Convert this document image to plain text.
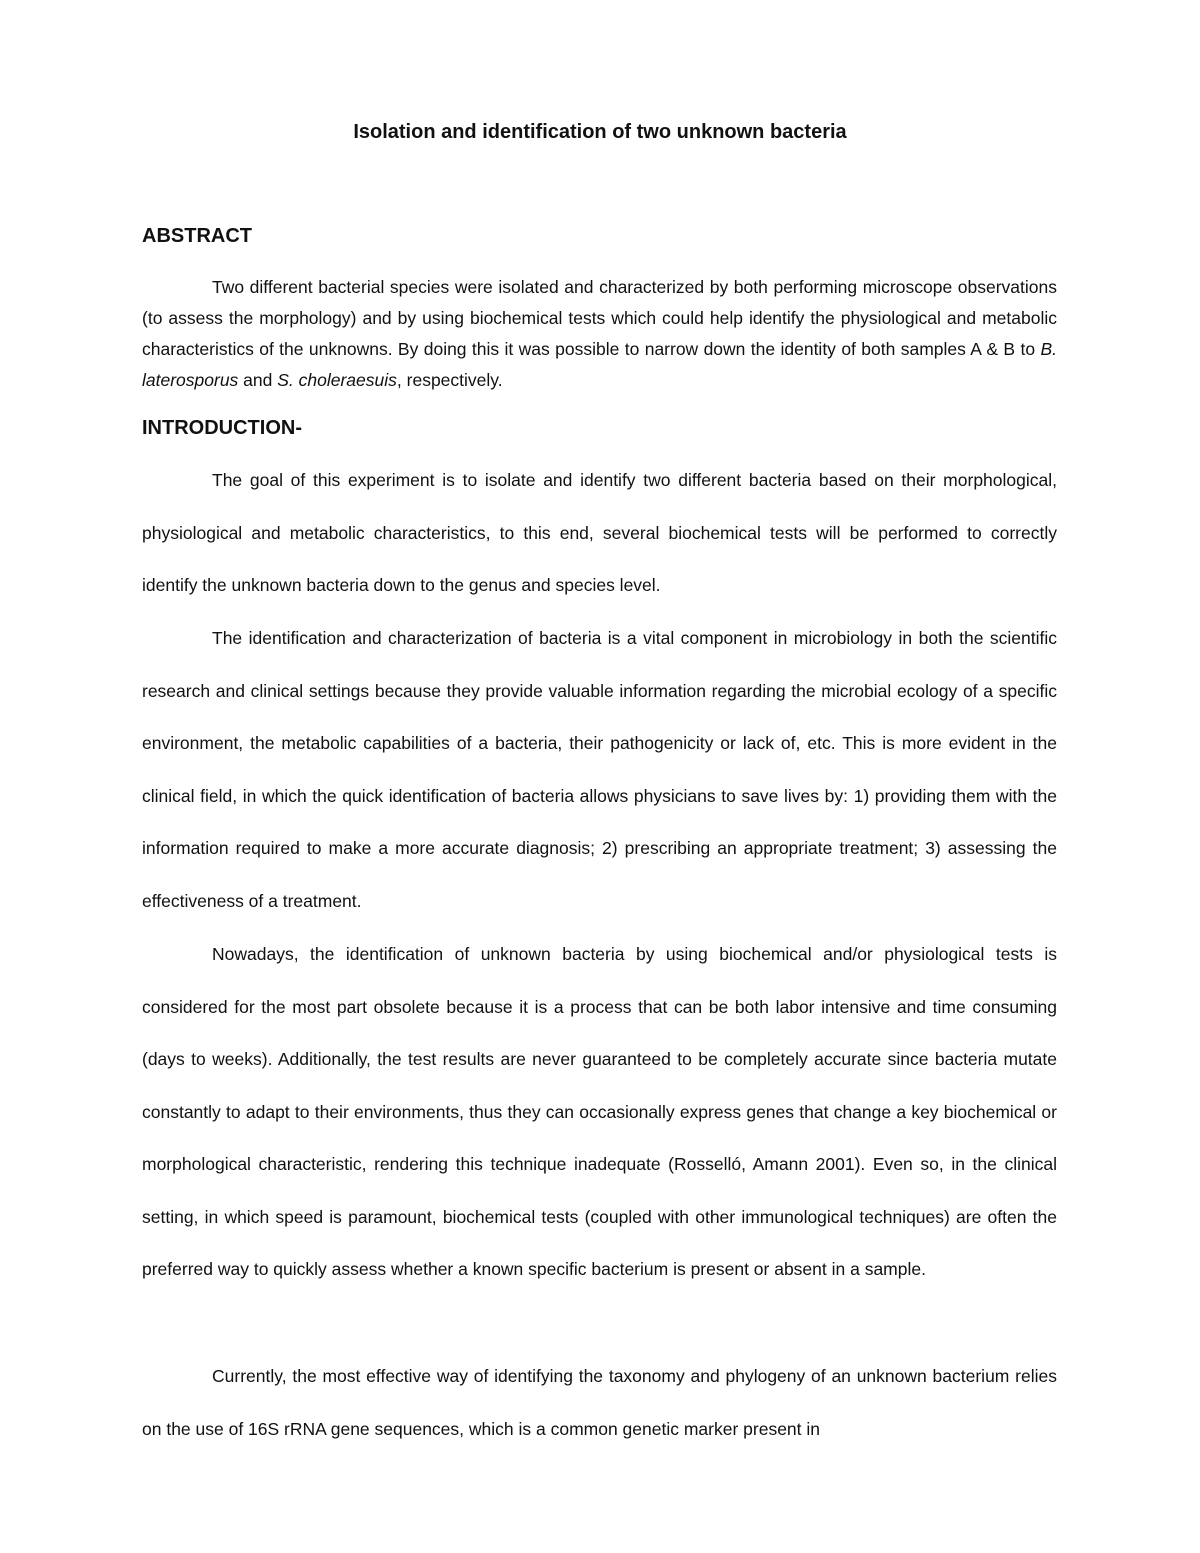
Isolation and identification of two unknown bacteria
ABSTRACT

Two different bacterial species were isolated and characterized by both performing microscope observations (to assess the morphology) and by using biochemical tests which could help identify the physiological and metabolic characteristics of the unknowns. By doing this it was possible to narrow down the identity of both samples A & B to B. laterosporus and S. choleraesuis, respectively.

INTRODUCTION-

The goal of this experiment is to isolate and identify two different bacteria based on their morphological, physiological and metabolic characteristics, to this end, several biochemical tests will be performed to correctly identify the unknown bacteria down to the genus and species level.

The identification and characterization of bacteria is a vital component in microbiology in both the scientific research and clinical settings because they provide valuable information regarding the microbial ecology of a specific environment, the metabolic capabilities of a bacteria, their pathogenicity or lack of, etc. This is more evident in the clinical field, in which the quick identification of bacteria allows physicians to save lives by: 1) providing them with the information required to make a more accurate diagnosis; 2) prescribing an appropriate treatment; 3) assessing the effectiveness of a treatment.

Nowadays, the identification of unknown bacteria by using biochemical and/or physiological tests is considered for the most part obsolete because it is a process that can be both labor intensive and time consuming (days to weeks). Additionally, the test results are never guaranteed to be completely accurate since bacteria mutate constantly to adapt to their environments, thus they can occasionally express genes that change a key biochemical or morphological characteristic, rendering this technique inadequate (Rosselló, Amann 2001). Even so, in the clinical setting, in which speed is paramount, biochemical tests (coupled with other immunological techniques) are often the preferred way to quickly assess whether a known specific bacterium is present or absent in a sample.

Currently, the most effective way of identifying the taxonomy and phylogeny of an unknown bacterium relies on the use of 16S rRNA gene sequences, which is a common genetic marker present in
